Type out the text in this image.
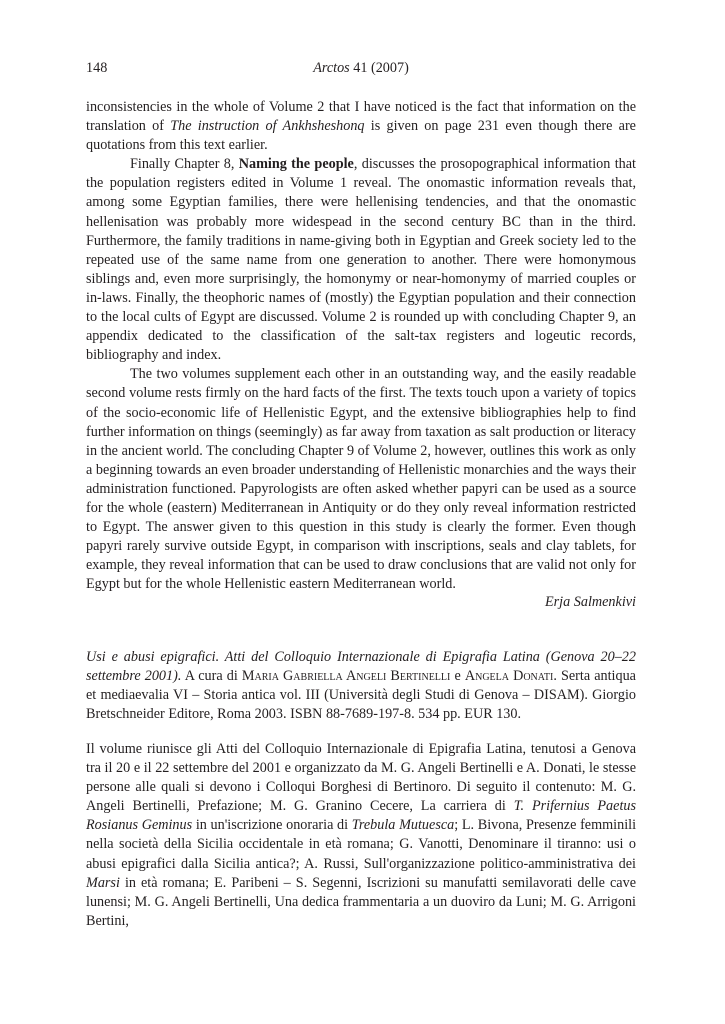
148	Arctos 41 (2007)

inconsistencies in the whole of Volume 2 that I have noticed is the fact that information on the translation of The instruction of Ankhsheshonq is given on page 231 even though there are quotations from this text earlier.

Finally Chapter 8, Naming the people, discusses the prosopographical information that the population registers edited in Volume 1 reveal. The onomastic information reveals that, among some Egyptian families, there were hellenising tendencies, and that the onomastic hellenisation was probably more widespead in the second century BC than in the third. Furthermore, the family traditions in name-giving both in Egyptian and Greek society led to the repeated use of the same name from one generation to another. There were homonymous siblings and, even more surprisingly, the homonymy or near-homonymy of married couples or in-laws. Finally, the theophoric names of (mostly) the Egyptian population and their connection to the local cults of Egypt are discussed. Volume 2 is rounded up with concluding Chapter 9, an appendix dedicated to the classification of the salt-tax registers and logeutic records, bibliography and index.

The two volumes supplement each other in an outstanding way, and the easily readable second volume rests firmly on the hard facts of the first. The texts touch upon a variety of topics of the socio-economic life of Hellenistic Egypt, and the extensive bibliographies help to find further information on things (seemingly) as far away from taxation as salt production or literacy in the ancient world. The concluding Chapter 9 of Volume 2, however, outlines this work as only a beginning towards an even broader understanding of Hellenistic monarchies and the ways their administration functioned. Papyrologists are often asked whether papyri can be used as a source for the whole (eastern) Mediterranean in Antiquity or do they only reveal information restricted to Egypt. The answer given to this question in this study is clearly the former. Even though papyri rarely survive outside Egypt, in comparison with inscriptions, seals and clay tablets, for example, they reveal information that can be used to draw conclusions that are valid not only for Egypt but for the whole Hellenistic eastern Mediterranean world.

Erja Salmenkivi

Usi e abusi epigrafici. Atti del Colloquio Internazionale di Epigrafia Latina (Genova 20–22 settembre 2001). A cura di Maria Gabriella Angeli Bertinelli e Angela Donati. Serta antiqua et mediaevalia VI – Storia antica vol. III (Università degli Studi di Genova – DISAM). Giorgio Bretschneider Editore, Roma 2003. ISBN 88-7689-197-8. 534 pp. EUR 130.

Il volume riunisce gli Atti del Colloquio Internazionale di Epigrafia Latina, tenutosi a Genova tra il 20 e il 22 settembre del 2001 e organizzato da M. G. Angeli Bertinelli e A. Donati, le stesse persone alle quali si devono i Colloqui Borghesi di Bertinoro. Di seguito il contenuto: M. G. Angeli Bertinelli, Prefazione; M. G. Granino Cecere, La carriera di T. Prifernius Paetus Rosianus Geminus in un'iscrizione onoraria di Trebula Mutuesca; L. Bivona, Presenze femminili nella società della Sicilia occidentale in età romana; G. Vanotti, Denominare il tiranno: usi o abusi epigrafici dalla Sicilia antica?; A. Russi, Sull'organizzazione politico-amministrativa dei Marsi in età romana; E. Paribeni – S. Segenni, Iscrizioni su manufatti semilavorati delle cave lunensi; M. G. Angeli Bertinelli, Una dedica frammentaria a un duoviro da Luni; M. G. Arrigoni Bertini,
